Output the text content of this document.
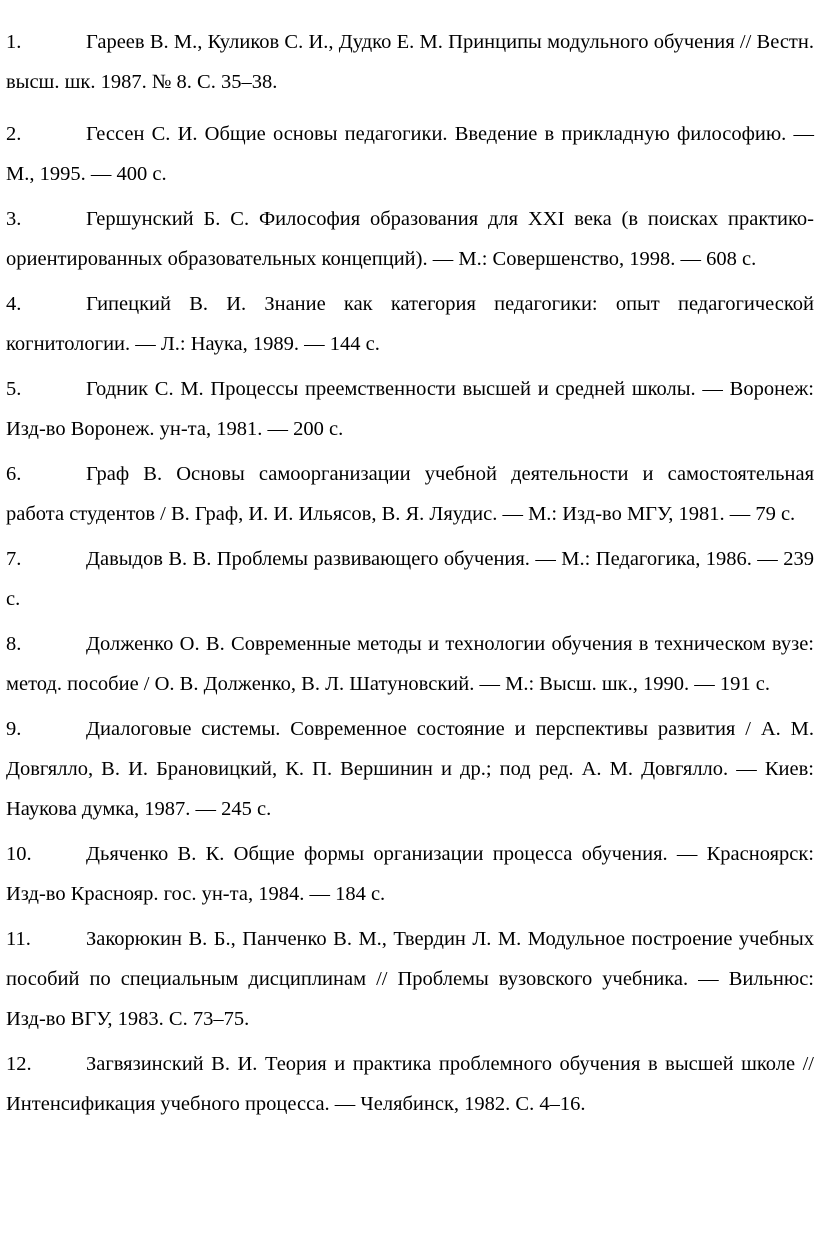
1.	Гареев В. М., Куликов С. И., Дудко Е. М. Принципы модульного обучения // Вестн. высш. шк. 1987. № 8. С. 35–38.
2.	Гессен С. И. Общие основы педагогики. Введение в прикладную философию. — М., 1995. — 400 с.
3.	Гершунский Б. С. Философия образования для XXI века (в поисках практико-ориентированных образовательных концепций). — М.: Совершенство, 1998. — 608 с.
4.	Гипецкий В. И. Знание как категория педагогики: опыт педагогической когнитологии. — Л.: Наука, 1989. — 144 с.
5.	Годник С. М. Процессы преемственности высшей и средней школы. — Воронеж: Изд-во Воронеж. ун-та, 1981. — 200 с.
6.	Граф В. Основы самоорганизации учебной деятельности и самостоятельная работа студентов / В. Граф, И. И. Ильясов, В. Я. Ляудис. — М.: Изд-во МГУ, 1981. — 79 с.
7.	Давыдов В. В. Проблемы развивающего обучения. — М.: Педагогика, 1986. — 239 с.
8.	Долженко О. В. Современные методы и технологии обучения в техническом вузе: метод. пособие / О. В. Долженко, В. Л. Шатуновский. — М.: Высш. шк., 1990. — 191 с.
9.	Диалоговые системы. Современное состояние и перспективы развития / А. М. Довгялло, В. И. Брановицкий, К. П. Вершинин и др.; под ред. А. М. Довгялло. — Киев: Наукова думка, 1987. — 245 с.
10.	Дьяченко В. К. Общие формы организации процесса обучения. — Красноярск: Изд-во Краснояр. гос. ун-та, 1984. — 184 с.
11.	Закорюкин В. Б., Панченко В. М., Твердин Л. М. Модульное построение учебных пособий по специальным дисциплинам // Проблемы вузовского учебника. — Вильнюс: Изд-во ВГУ, 1983. С. 73–75.
12.	Загвязинский В. И. Теория и практика проблемного обучения в высшей школе // Интенсификация учебного процесса. — Челябинск, 1982. С. 4–16.
